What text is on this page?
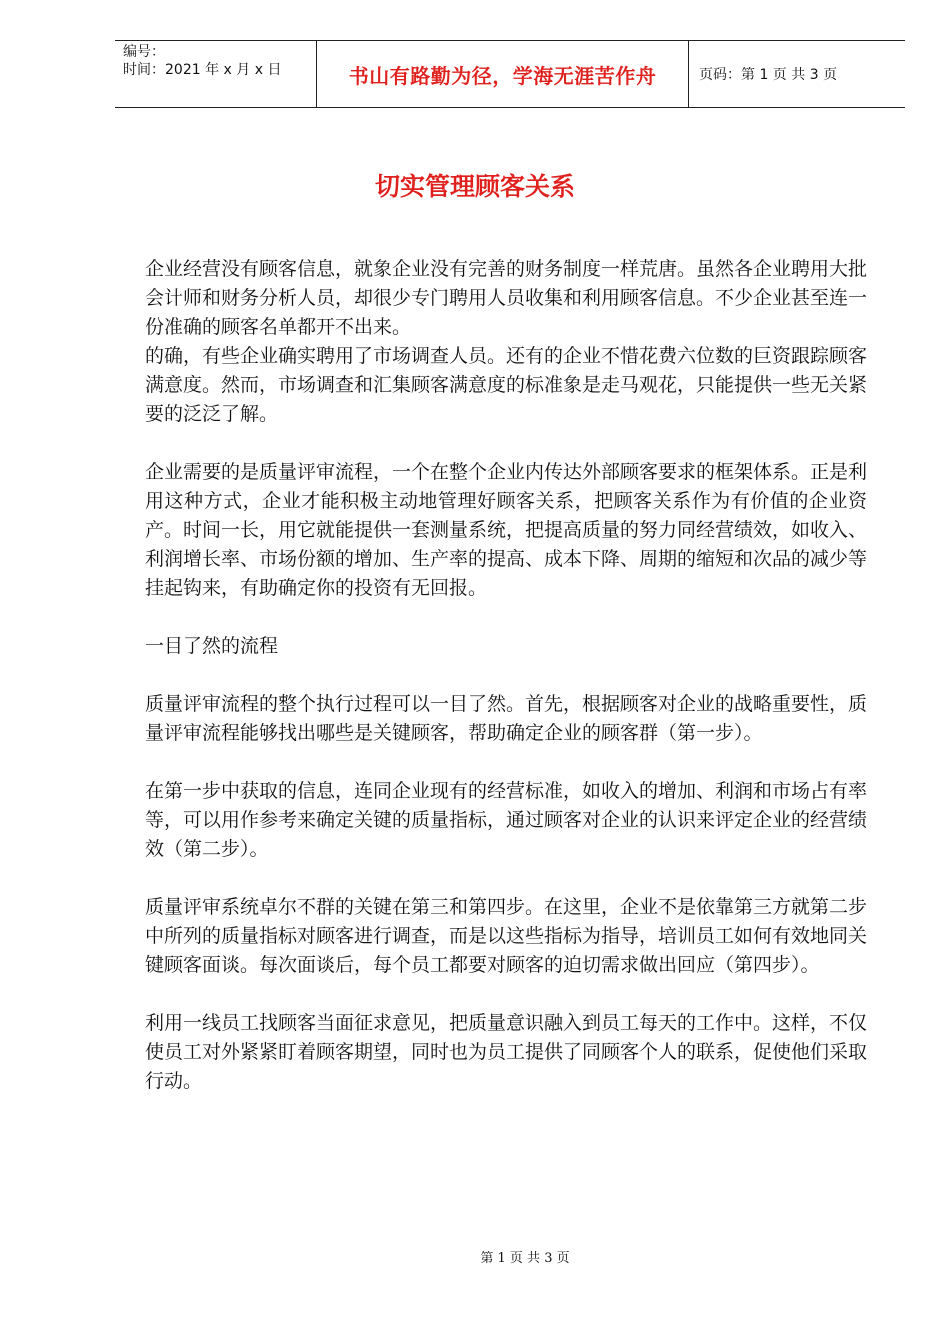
编号：
时间：2021 年 x 月 x 日	书山有路勤为径，学海无涯苦作舟	页码：第 1 页 共 3 页
切实管理顾客关系

企业经营没有顾客信息，就象企业没有完善的财务制度一样荒唐。虽然各企业聘用大批会计师和财务分析人员，却很少专门聘用人员收集和利用顾客信息。不少企业甚至连一份准确的顾客名单都开不出来。

的确，有些企业确实聘用了市场调查人员。还有的企业不惜花费六位数的巨资跟踪顾客满意度。然而，市场调查和汇集顾客满意度的标准象是走马观花，只能提供一些无关紧要的泛泛了解。

企业需要的是质量评审流程，一个在整个企业内传达外部顾客要求的框架体系。正是利用这种方式，企业才能积极主动地管理好顾客关系，把顾客关系作为有价值的企业资产。时间一长，用它就能提供一套测量系统，把提高质量的努力同经营绩效，如收入、利润增长率、市场份额的增加、生产率的提高、成本下降、周期的缩短和次品的减少等挂起钩来，有助确定你的投资有无回报。

一目了然的流程

质量评审流程的整个执行过程可以一目了然。首先，根据顾客对企业的战略重要性，质量评审流程能够找出哪些是关键顾客，帮助确定企业的顾客群（第一步）。

在第一步中获取的信息，连同企业现有的经营标准，如收入的增加、利润和市场占有率等，可以用作参考来确定关键的质量指标，通过顾客对企业的认识来评定企业的经营绩效（第二步）。

质量评审系统卓尔不群的关键在第三和第四步。在这里，企业不是依靠第三方就第二步中所列的质量指标对顾客进行调查，而是以这些指标为指导，培训员工如何有效地同关键顾客面谈。每次面谈后，每个员工都要对顾客的迫切需求做出回应（第四步）。

利用一线员工找顾客当面征求意见，把质量意识融入到员工每天的工作中。这样，不仅使员工对外紧紧盯着顾客期望，同时也为员工提供了同顾客个人的联系，促使他们采取行动。

第 1 页 共 3 页
